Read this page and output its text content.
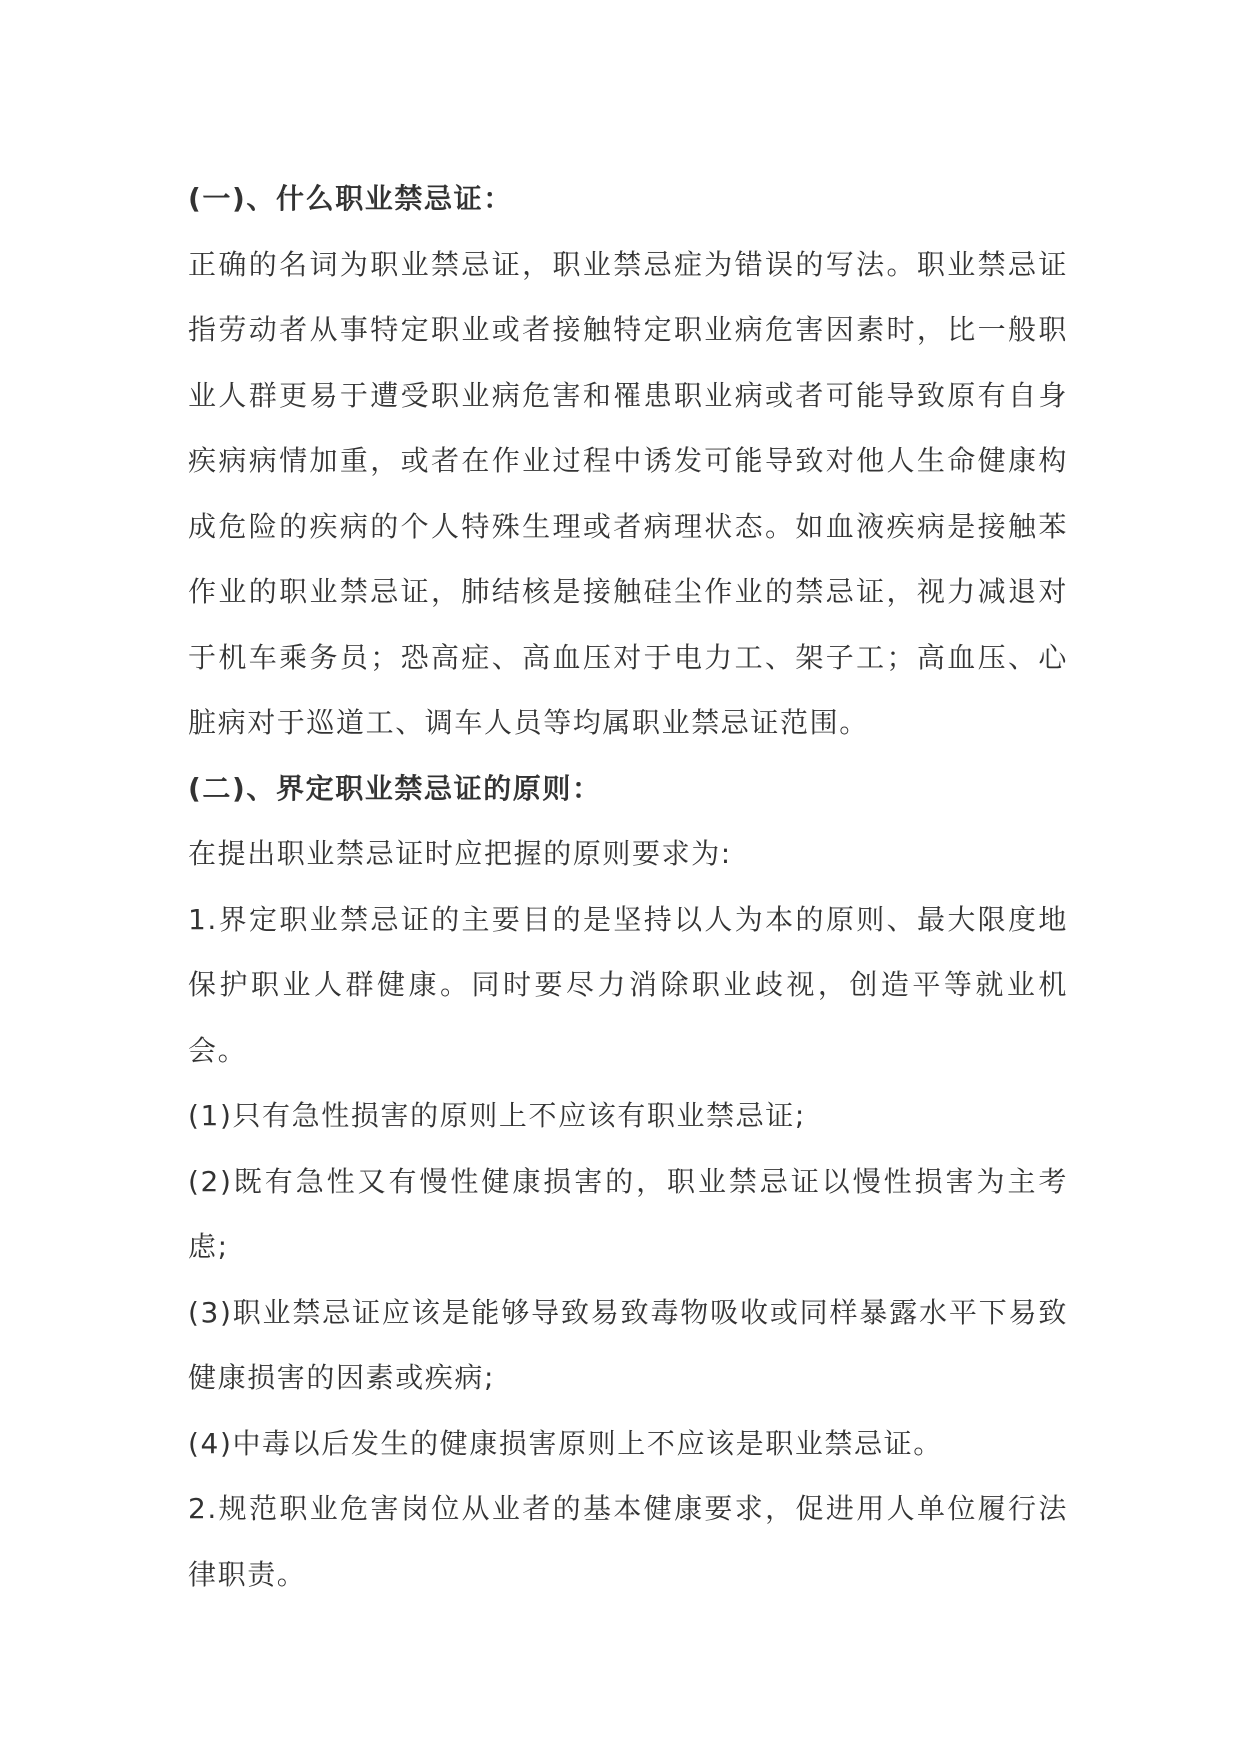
(一)、什么职业禁忌证：

正确的名词为职业禁忌证，职业禁忌症为错误的写法。职业禁忌证指劳动者从事特定职业或者接触特定职业病危害因素时，比一般职业人群更易于遭受职业病危害和罹患职业病或者可能导致原有自身疾病病情加重，或者在作业过程中诱发可能导致对他人生命健康构成危险的疾病的个人特殊生理或者病理状态。如血液疾病是接触苯作业的职业禁忌证，肺结核是接触硅尘作业的禁忌证，视力减退对于机车乘务员；恐高症、高血压对于电力工、架子工；高血压、心脏病对于巡道工、调车人员等均属职业禁忌证范围。

(二)、界定职业禁忌证的原则：

在提出职业禁忌证时应把握的原则要求为:

1.界定职业禁忌证的主要目的是坚持以人为本的原则、最大限度地保护职业人群健康。同时要尽力消除职业歧视，创造平等就业机会。

(1)只有急性损害的原则上不应该有职业禁忌证;

(2)既有急性又有慢性健康损害的，职业禁忌证以慢性损害为主考虑;

(3)职业禁忌证应该是能够导致易致毒物吸收或同样暴露水平下易致健康损害的因素或疾病;

(4)中毒以后发生的健康损害原则上不应该是职业禁忌证。

2.规范职业危害岗位从业者的基本健康要求，促进用人单位履行法律职责。
